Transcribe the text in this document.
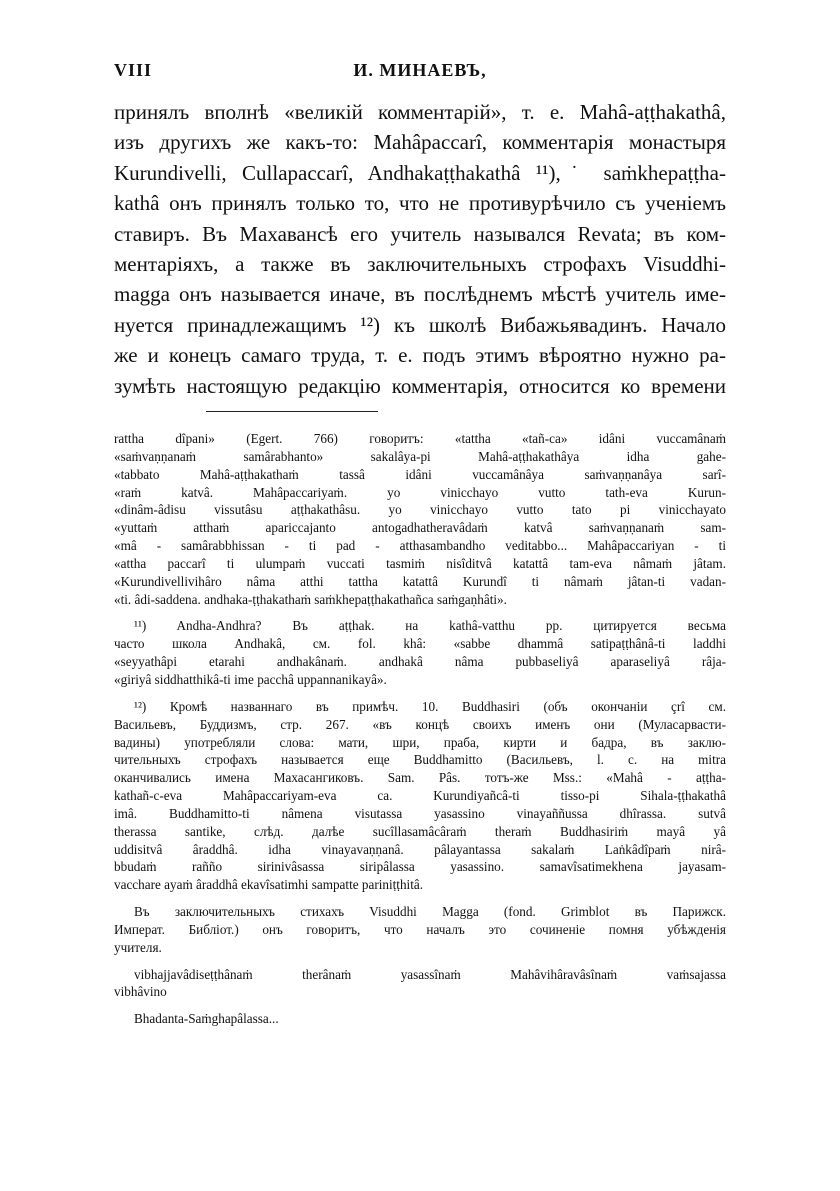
VIII	И. МИНАЕВЪ,
принялъ вполнѣ «великій комментарій», т. е. Mahâ-aṭṭhakathâ,
изъ другихъ же какъ-то: Mahâpaccarî, комментарія монастыря
Kurundivelli, Cullapaccarî, Andhakaṭṭhakathâ ¹¹),˙ saṁkhepaṭṭha-
kathâ онъ принялъ только то, что не противурѣчило съ ученіемъ
ставиръ. Въ Махавансѣ его учитель назывался Revata; въ ком-
ментаріяхъ, а также въ заключительныхъ строфахъ Visuddhi-
magga онъ называется иначе, въ послѣднемъ мѣстѣ учитель име-
нуется принадлежащимъ ¹²) къ школѣ Вибажьявадинъ. Начало
же и конецъ самаго труда, т. е. подъ этимъ вѣроятно нужно ра-
зумѣть настоящую редакцію комментарія, относится ко времени
rattha dîpani» (Egert. 766) говоритъ: «tattha «tañ-ca» idâni vuccamânaṁ
«saṁvaṇṇanaṁ samârabhanto» sakalâya-pi Mahâ-aṭṭhakathâya idha gahe-
«tabbato Mahâ-aṭṭhakathaṁ tassâ idâni vuccamânâya saṁvaṇṇanâya sarî-
«raṁ katvâ. Mahâpaccariyaṁ. yo vinicchayo vutto tath-eva Kurun-
«dinâm-âdisu vissutâsu aṭṭhakathâsu. yo vinicchayo vutto tato pi vinicchayato
«yuttaṁ atthaṁ apariccajanto antogadhatheravâdaṁ katvâ saṁvaṇṇanaṁ sam-
«mâ - samârabbhissan - ti pad - atthasambandho veditabbo... Mahâpaccariyan - ti
«attha paccarî ti ulumpaṁ vuccati tasmiṁ nisîditvâ katattâ tam-eva nâmaṁ jâtam.
«Kurundivellivihâro nâma atthi tattha katattâ Kurundî ti nâmaṁ jâtan-ti vadan-
«ti. âdi-saddena. andhaka-ṭṭhakathaṁ saṁkhepaṭṭhakathañca saṁgaṇhâti».
¹¹) Andha-Andhra? Въ aṭṭhak. на kathâ-vatthu pp. цитируется весьма
часто школа Andhakâ, см. fol. khâ: «sabbe dhammâ satipaṭṭhânâ-ti laddhi
«seyyathâpi etarahi andhakânaṁ. andhakâ nâma pubbaseliyâ aparaseliyâ râja-
«giriyâ siddhatthikâ-ti ime pacchâ uppannanikayâ».
¹²) Кромѣ названнаго въ примѣч. 10. Buddhasiri (объ окончаніи çrî см.
Васильевъ, Буддизмъ, стр. 267. «въ концѣ своихъ именъ они (Муласарвасти-
вадины) употребляли слова: мати, шри, праба, кирти и бадра, въ заклю-
чительныхъ строфахъ называется еще Buddhamitto (Васильевъ, l. c. на mitra
оканчивались имена Махасангиковъ. Sam. Pâs. тотъ-же Mss.: «Mahâ - aṭṭha-
kathañ-c-eva Mahâpaccariyam-eva ca. Kurundiyañcâ-ti tisso-pi Sihala-ṭṭhakathâ
imâ. Buddhamitto-ti nâmena visutassa yasassino vinayaññussa dhîrassa. sutvâ
therassa santike, слѣд. далѣе sucîllasamâcâraṁ theraṁ Buddhasiriṁ mayâ yâ
uddisitvâ âraddhâ. idha vinayavaṇṇanâ. pâlayantassa sakalaṁ Laṅkâdîpaṁ nirâ-
bbudaṁ rañño sirinivâsassa siripâlassa yasassino. samavîsatimekhena jayasam-
vacchare ayaṁ âraddhâ ekavîsatimhi sampatte pariniṭṭhitâ.
Въ заключительныхъ стихахъ Visuddhi Magga (fond. Grimblot въ Парижск.
Императ. Библіот.) онъ говоритъ, что началъ это сочиненіе помня убѣжденія
учителя.
vibhajjavâdiseṭṭhânaṁ therânaṁ yasassînaṁ Mahâvihâravâsînaṁ vaṁsajassa
vibhâvino
Bhadanta-Saṁghapâlassa...
